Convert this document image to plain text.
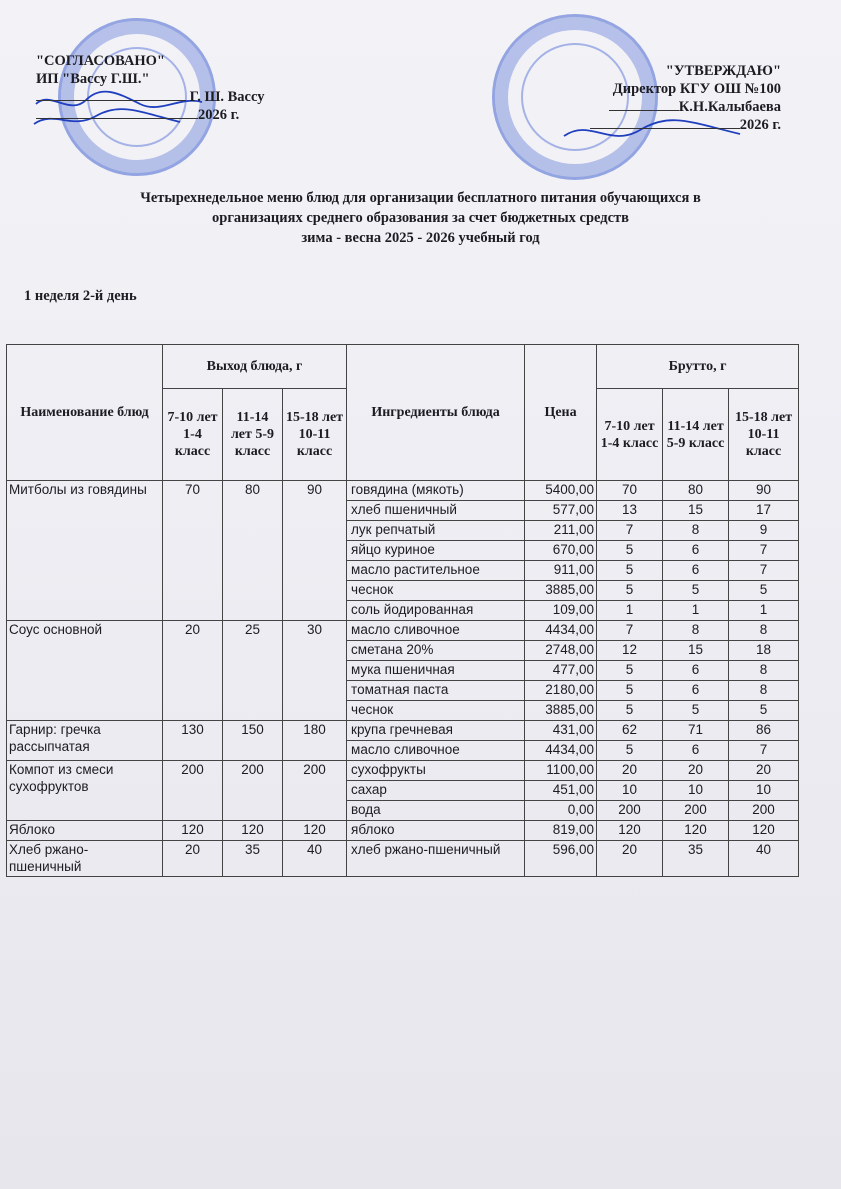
"СОГЛАСОВАНО"
ИП "Вассу Г.Ш."
Г. Ш. Вассу
2026 г.
"УТВЕРЖДАЮ"
Директор КГУ ОШ №100
К.Н.Калыбаева
2026 г.
Четырехнедельное меню блюд для организации бесплатного питания обучающихся в
организациях среднего образования за счет бюджетных средств
зима - весна 2025 - 2026 учебный год
1 неделя 2-й день
Наименование блюд	Выход блюда, г			Ингредиенты блюда	Цена	Брутто, г		
	7-10 лет 1-4 класс	11-14 лет 5-9 класс	15-18 лет 10-11 класс			7-10 лет 1-4 класс	11-14 лет 5-9 класс	15-18 лет 10-11 класс
Митболы из говядины	70	80	90	говядина (мякоть)	5400,00	70	80	90
				хлеб пшеничный	577,00	13	15	17
				лук репчатый	211,00	7	8	9
				яйцо куриное	670,00	5	6	7
				масло растительное	911,00	5	6	7
				чеснок	3885,00	5	5	5
				соль йодированная	109,00	1	1	1
Соус основной	20	25	30	масло сливочное	4434,00	7	8	8
				сметана 20%	2748,00	12	15	18
				мука пшеничная	477,00	5	6	8
				томатная паста	2180,00	5	6	8
				чеснок	3885,00	5	5	5
Гарнир: гречка рассыпчатая	130	150	180	крупа гречневая	431,00	62	71	86
				масло сливочное	4434,00	5	6	7
Компот из смеси сухофруктов	200	200	200	сухофрукты	1100,00	20	20	20
				сахар	451,00	10	10	10
				вода	0,00	200	200	200
Яблоко	120	120	120	яблоко	819,00	120	120	120
Хлеб ржано-пшеничный	20	35	40	хлеб ржано-пшеничный	596,00	20	35	40
